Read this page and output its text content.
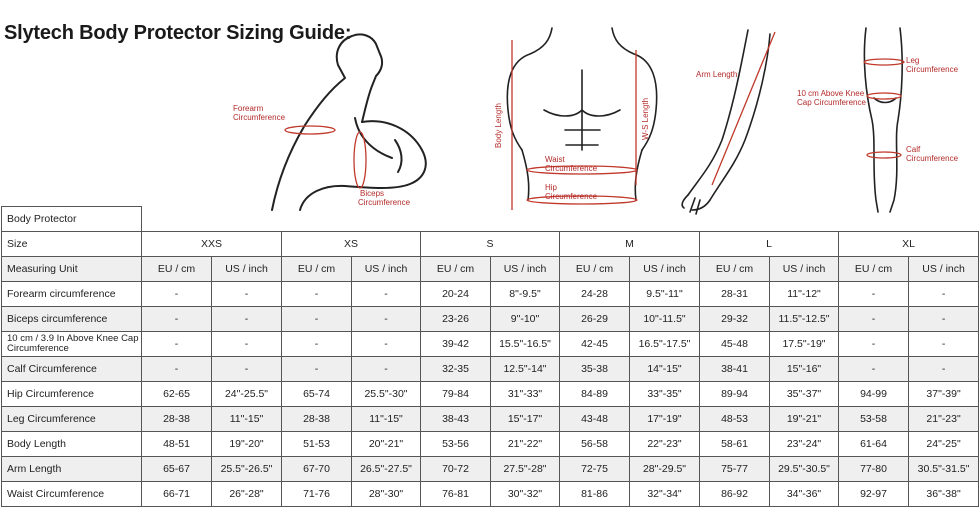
Slytech Body Protector Sizing Guide:
Forearm
Circumference
Biceps
Circumference
Body Length	W-S Length
Waist
Circumference
Hip
Circumference
Arm Length
Leg
Circumference
10 cm Above Knee
Cap Circumference
Calf
Circumference
Body Protector												
Size	XXS		XS		S		M		L		XL	
Measuring Unit	EU / cm	US / inch	EU / cm	US / inch	EU / cm	US / inch	EU / cm	US / inch	EU / cm	US / inch	EU / cm	US / inch
Forearm circumference	-	-	-	-	20-24	8"-9.5"	24-28	9.5"-11"	28-31	11"-12"	-	-
Biceps circumference	-	-	-	-	23-26	9"-10"	26-29	10"-11.5"	29-32	11.5"-12.5"	-	-
10 cm / 3.9 In Above Knee Cap Circumference	-	-	-	-	39-42	15.5"-16.5"	42-45	16.5"-17.5"	45-48	17.5"-19"	-	-
Calf Circumference	-	-	-	-	32-35	12.5"-14"	35-38	14"-15"	38-41	15"-16"	-	-
Hip Circumference	62-65	24"-25.5"	65-74	25.5"-30"	79-84	31"-33"	84-89	33"-35"	89-94	35"-37"	94-99	37"-39"
Leg Circumference	28-38	11"-15"	28-38	11"-15"	38-43	15"-17"	43-48	17"-19"	48-53	19"-21"	53-58	21"-23"
Body Length	48-51	19"-20"	51-53	20"-21"	53-56	21"-22"	56-58	22"-23"	58-61	23"-24"	61-64	24"-25"
Arm Length	65-67	25.5"-26.5"	67-70	26.5"-27.5"	70-72	27.5"-28"	72-75	28"-29.5"	75-77	29.5"-30.5"	77-80	30.5"-31.5"
Waist Circumference	66-71	26"-28"	71-76	28"-30"	76-81	30"-32"	81-86	32"-34"	86-92	34"-36"	92-97	36"-38"
